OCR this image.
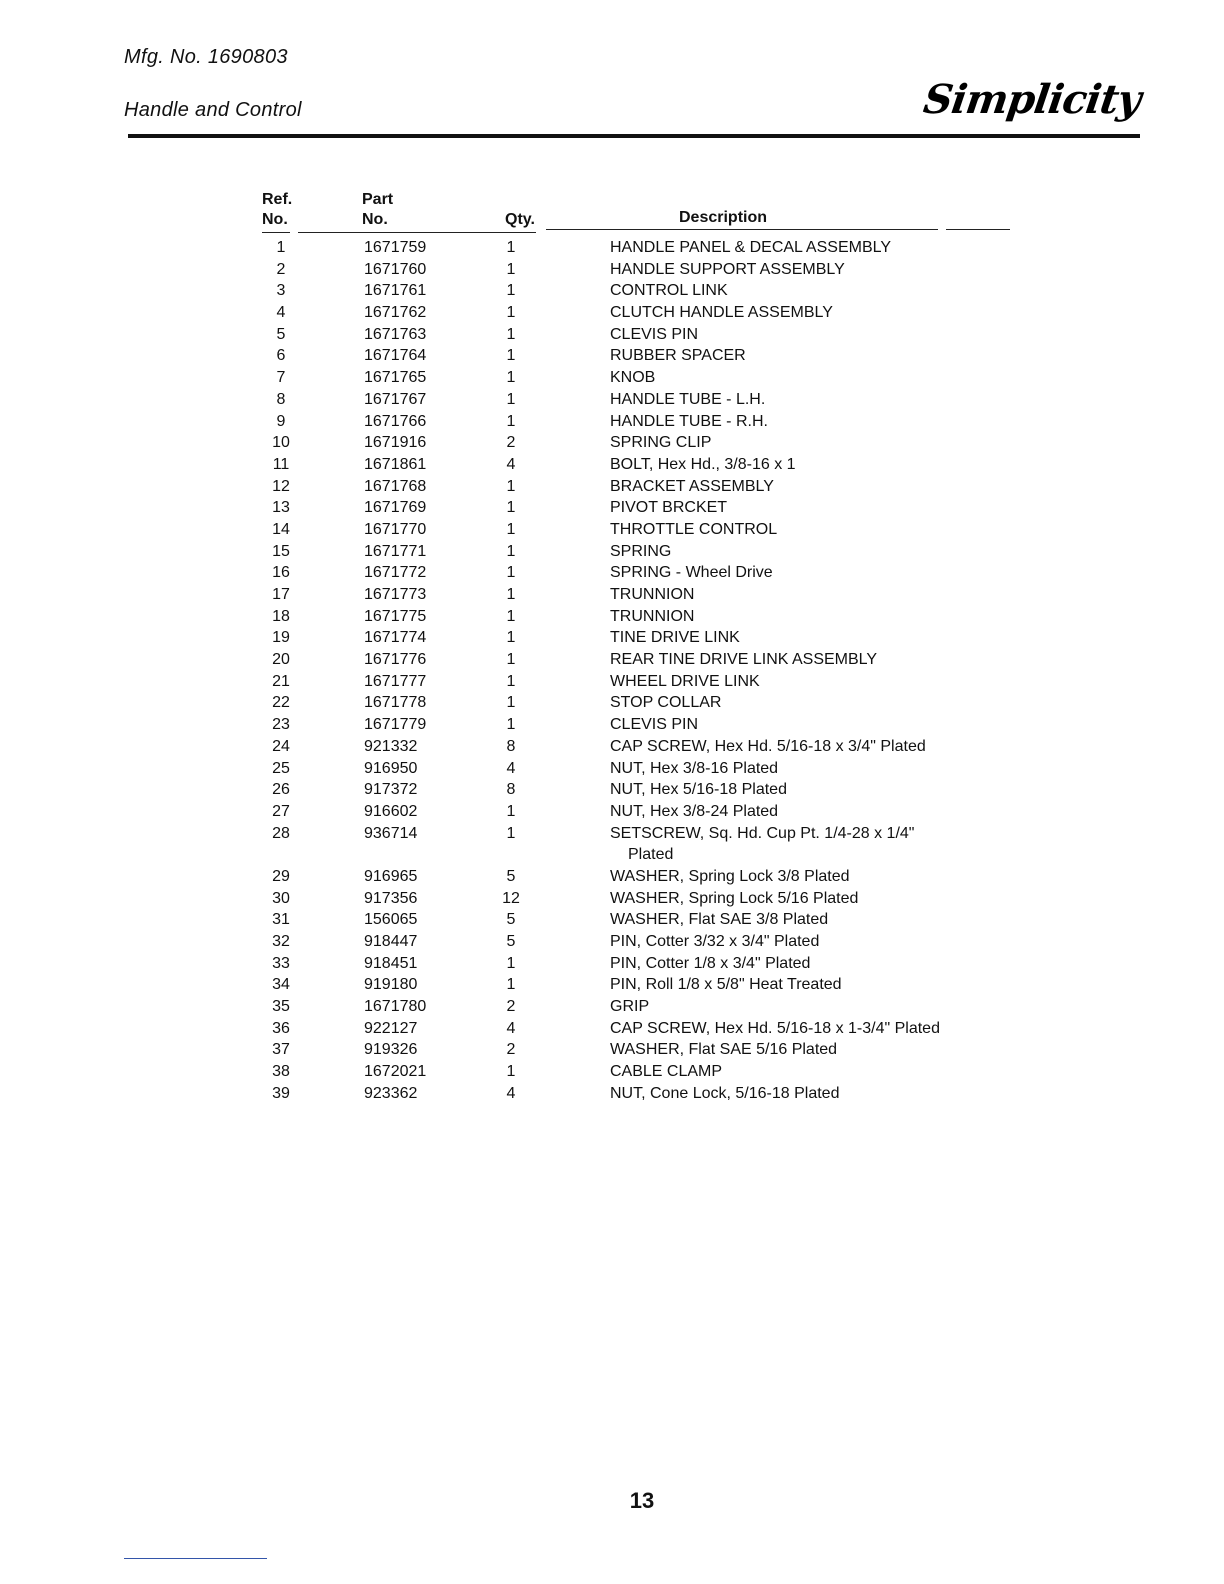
Mfg. No. 1690803
Handle and Control	Simplicity
Ref.
No.
Part
No.	Qty.	Description
1	1671759	1	HANDLE PANEL & DECAL ASSEMBLY
2	1671760	1	HANDLE SUPPORT ASSEMBLY
3	1671761	1	CONTROL LINK
4	1671762	1	CLUTCH HANDLE ASSEMBLY
5	1671763	1	CLEVIS PIN
6	1671764	1	RUBBER SPACER
7	1671765	1	KNOB
8	1671767	1	HANDLE TUBE - L.H.
9	1671766	1	HANDLE TUBE - R.H.
10	1671916	2	SPRING CLIP
11	1671861	4	BOLT, Hex Hd., 3/8-16 x 1
12	1671768	1	BRACKET ASSEMBLY
13	1671769	1	PIVOT BRCKET
14	1671770	1	THROTTLE CONTROL
15	1671771	1	SPRING
16	1671772	1	SPRING - Wheel Drive
17	1671773	1	TRUNNION
18	1671775	1	TRUNNION
19	1671774	1	TINE DRIVE LINK
20	1671776	1	REAR TINE DRIVE LINK ASSEMBLY
21	1671777	1	WHEEL DRIVE LINK
22	1671778	1	STOP COLLAR
23	1671779	1	CLEVIS PIN
24	921332	8	CAP SCREW, Hex Hd. 5/16-18 x 3/4" Plated
25	916950	4	NUT, Hex 3/8-16 Plated
26	917372	8	NUT, Hex 5/16-18 Plated
27	916602	1	NUT, Hex 3/8-24 Plated
28	936714	1	SETSCREW, Sq. Hd. Cup Pt. 1/4-28 x 1/4"
Plated
29	916965	5	WASHER, Spring Lock 3/8 Plated
30	917356	12	WASHER, Spring Lock 5/16 Plated
31	156065	5	WASHER, Flat SAE 3/8 Plated
32	918447	5	PIN, Cotter 3/32 x 3/4" Plated
33	918451	1	PIN, Cotter 1/8 x 3/4" Plated
34	919180	1	PIN, Roll 1/8 x 5/8" Heat Treated
35	1671780	2	GRIP
36	922127	4	CAP SCREW, Hex Hd. 5/16-18 x 1-3/4" Plated
37	919326	2	WASHER, Flat SAE 5/16 Plated
38	1672021	1	CABLE CLAMP
39	923362	4	NUT, Cone Lock, 5/16-18 Plated
13
